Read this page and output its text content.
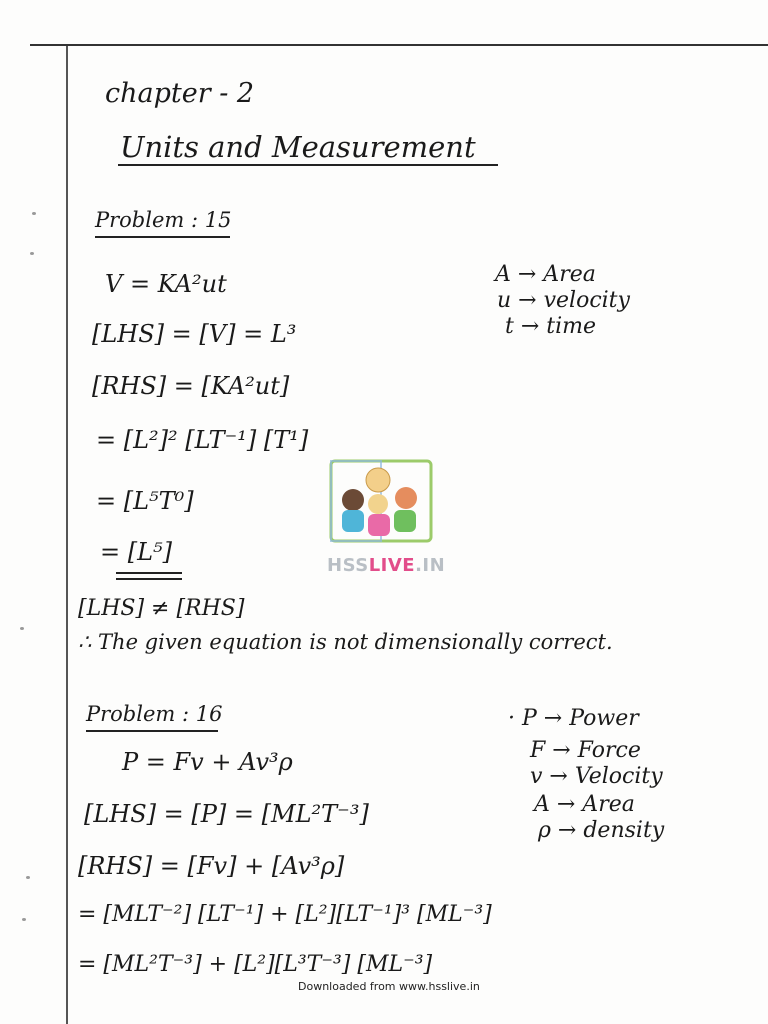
chapter - 2
Units and Measurement
Problem : 15
V = KA²ut
[LHS] = [V] = L³
[RHS] = [KA²ut]
= [L²]² [LT⁻¹] [T¹]
= [L⁵T⁰]
= [L⁵]
A → Area
u → velocity
t → time
[LHS] ≠ [RHS]
∴ The given equation is not dimensionally correct.
HSSLIVE.IN
Problem : 16
P = Fv + Av³ρ
[LHS] = [P] = [ML²T⁻³]
[RHS] = [Fv] + [Av³ρ]
= [MLT⁻²] [LT⁻¹] + [L²][LT⁻¹]³ [ML⁻³]
= [ML²T⁻³] + [L²][L³T⁻³] [ML⁻³]
· P → Power
F → Force
v → Velocity
A → Area
ρ → density
Downloaded from www.hsslive.in
